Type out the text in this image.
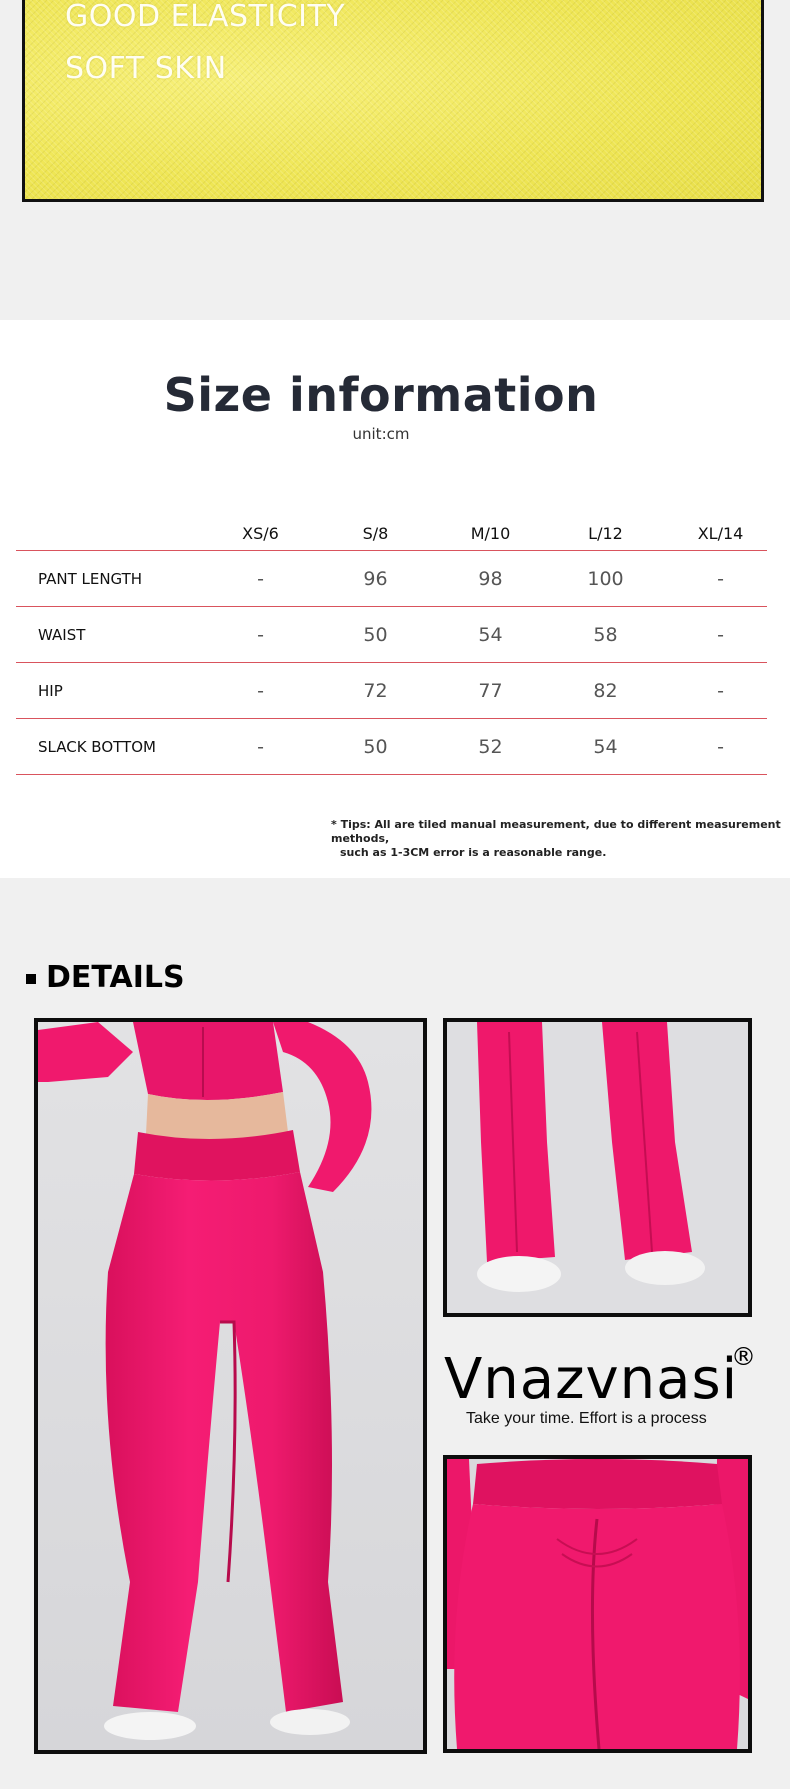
GOOD ELASTICITY
SOFT SKIN
Size information
unit:cm
XS/6	S/8	M/10	L/12	XL/14
PANT LENGTH	-	96	98	100	-
WAIST	-	50	54	58	-
HIP	-	72	77	82	-
SLACK BOTTOM	-	50	52	54	-
* Tips: All are tiled manual measurement, due to different measurement methods,
such as 1-3CM error is a reasonable range.
DETAILS
Vnazvnasi
®
Take your time. Effort is a process
